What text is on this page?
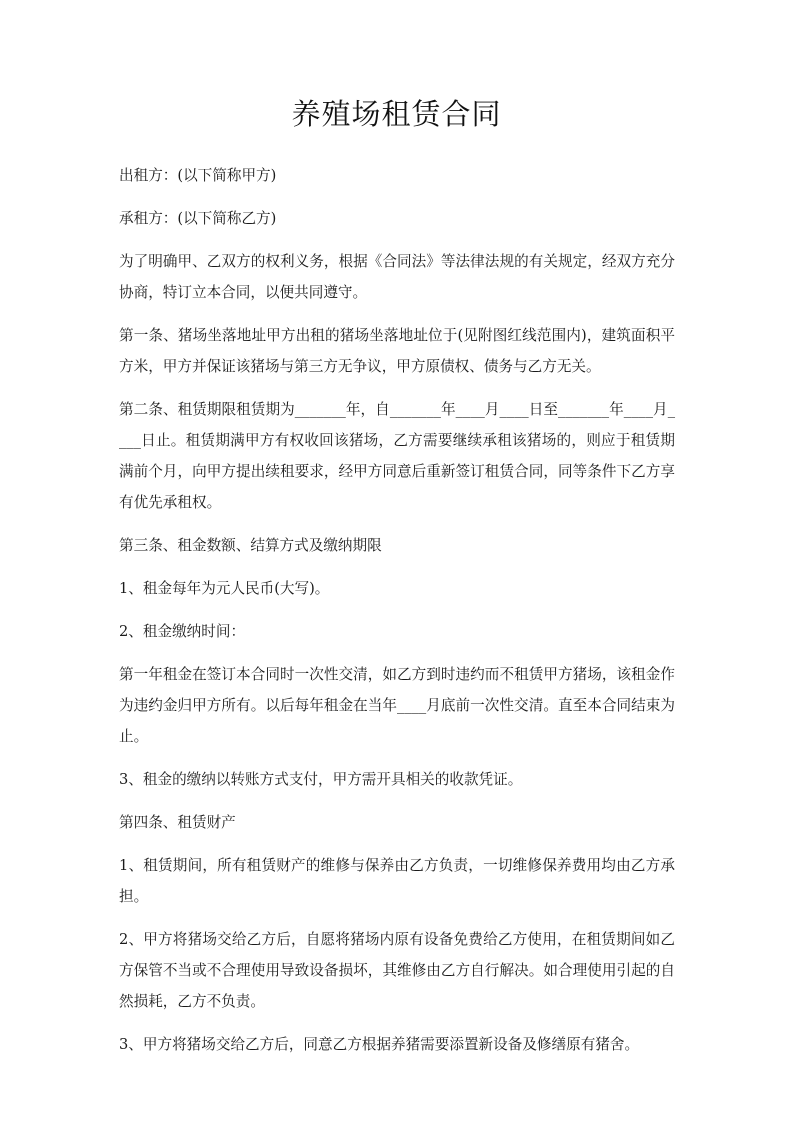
养殖场租赁合同

出租方：(以下简称甲方)

承租方：(以下简称乙方)

为了明确甲、乙双方的权利义务，根据《合同法》等法律法规的有关规定，经双方充分协商，特订立本合同，以便共同遵守。

第一条、猪场坐落地址甲方出租的猪场坐落地址位于(见附图红线范围内)，建筑面积平方米，甲方并保证该猪场与第三方无争议，甲方原债权、债务与乙方无关。

第二条、租赁期限租赁期为_______年，自_______年____月____日至_______年____月____日止。租赁期满甲方有权收回该猪场，乙方需要继续承租该猪场的，则应于租赁期满前个月，向甲方提出续租要求，经甲方同意后重新签订租赁合同，同等条件下乙方享有优先承租权。

第三条、租金数额、结算方式及缴纳期限

1、租金每年为元人民币(大写)。

2、租金缴纳时间：

第一年租金在签订本合同时一次性交清，如乙方到时违约而不租赁甲方猪场，该租金作为违约金归甲方所有。以后每年租金在当年____月底前一次性交清。直至本合同结束为止。

3、租金的缴纳以转账方式支付，甲方需开具相关的收款凭证。

第四条、租赁财产

1、租赁期间，所有租赁财产的维修与保养由乙方负责，一切维修保养费用均由乙方承担。

2、甲方将猪场交给乙方后，自愿将猪场内原有设备免费给乙方使用，在租赁期间如乙方保管不当或不合理使用导致设备损坏，其维修由乙方自行解决。如合理使用引起的自然损耗，乙方不负责。

3、甲方将猪场交给乙方后，同意乙方根据养猪需要添置新设备及修缮原有猪舍。
